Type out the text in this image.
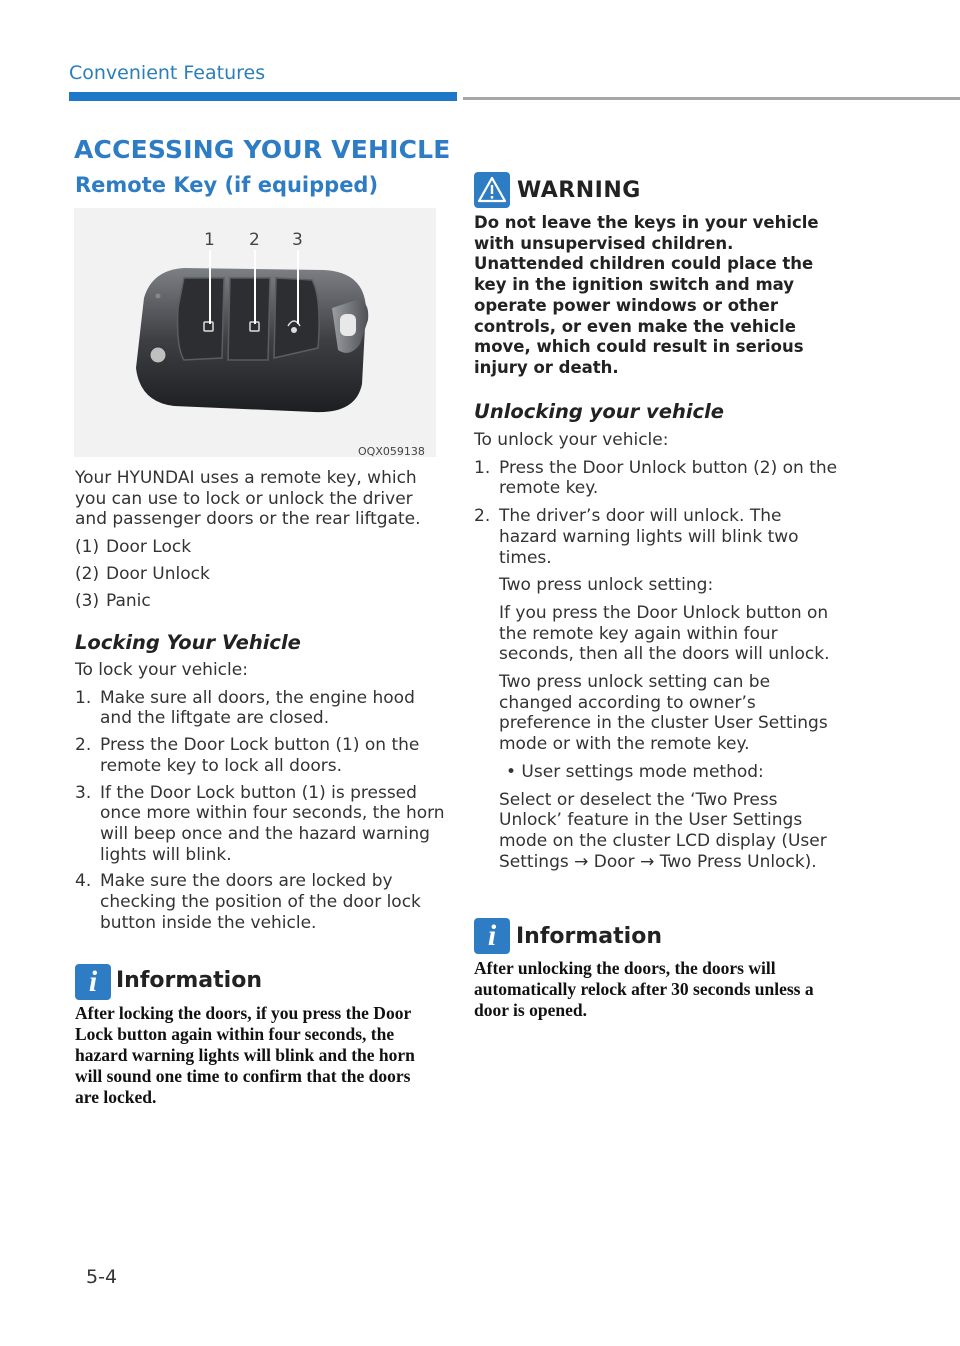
Convenient Features
ACCESSING YOUR VEHICLE
Remote Key (if equipped)
1 2 3
OQX059138

Your HYUNDAI uses a remote key, which you can use to lock or unlock the driver and passenger doors or the rear liftgate.

(1) Door Lock
(2) Door Unlock
(3) Panic
Locking Your Vehicle

To lock your vehicle:

1. Make sure all doors, the engine hood and the liftgate are closed.
2. Press the Door Lock button (1) on the remote key to lock all doors.
3. If the Door Lock button (1) is pressed once more within four seconds, the horn will beep once and the hazard warning lights will blink.
4. Make sure the doors are locked by checking the position of the door lock button inside the vehicle.
i Information
After locking the doors, if you press the Door Lock button again within four seconds, the hazard warning lights will blink and the horn will sound one time to confirm that the doors are locked.
WARNING
Do not leave the keys in your vehicle with unsupervised children. Unattended children could place the key in the ignition switch and may operate power windows or other controls, or even make the vehicle move, which could result in serious injury or death.
Unlocking your vehicle

To unlock your vehicle:

1. Press the Door Unlock button (2) on the remote key.
2. The driver’s door will unlock. The hazard warning lights will blink two times.
Two press unlock setting:
If you press the Door Unlock button on the remote key again within four seconds, then all the doors will unlock.
Two press unlock setting can be changed according to owner’s preference in the cluster User Settings mode or with the remote key.
• User settings mode method:
Select or deselect the ‘Two Press Unlock’ feature in the User Settings mode on the cluster LCD display (User Settings → Door → Two Press Unlock).
i Information
After unlocking the doors, the doors will automatically relock after 30 seconds unless a door is opened.
5-4
